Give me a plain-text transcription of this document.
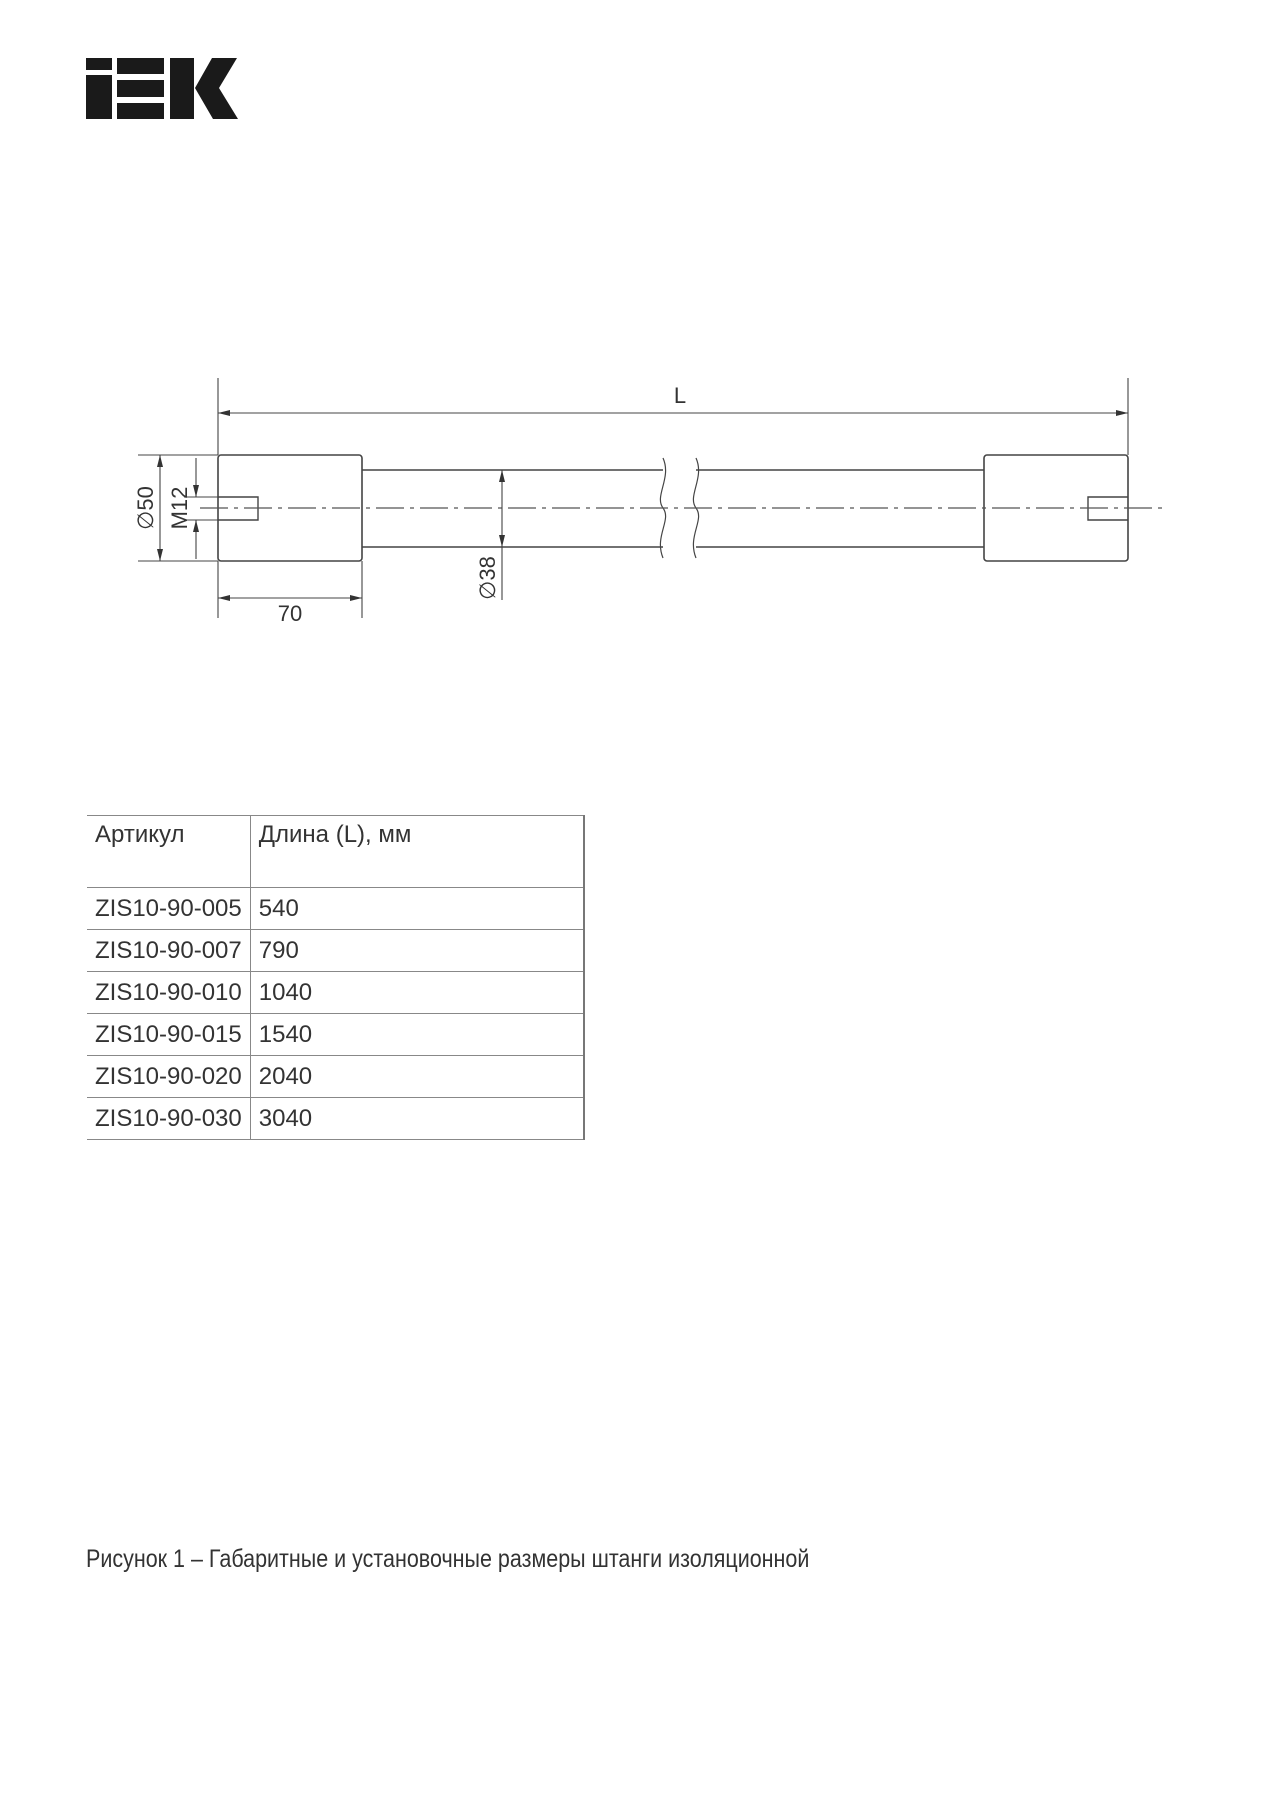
L
∅50 M12
∅38
70
Артикул	Длина (L), мм
ZIS10-90-005	540
ZIS10-90-007	790
ZIS10-90-010	1040
ZIS10-90-015	1540
ZIS10-90-020	2040
ZIS10-90-030	3040
Рисунок 1 – Габаритные и установочные размеры штанги изоляционной
